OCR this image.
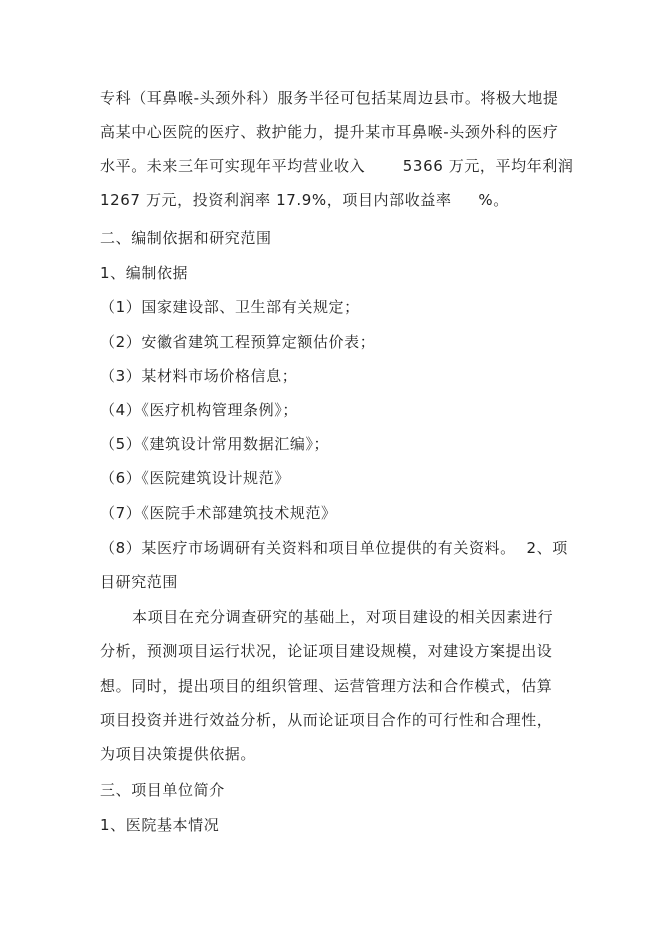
专科（耳鼻喉-头颈外科）服务半径可包括某周边县市。将极大地提
高某中心医院的医疗、救护能力，提升某市耳鼻喉-头颈外科的医疗
水平。未来三年可实现年平均营业收入       5366 万元，平均年利润
1267 万元，投资利润率 17.9%，项目内部收益率     %。
二、编制依据和研究范围
1、编制依据
（1）国家建设部、卫生部有关规定；
（2）安徽省建筑工程预算定额估价表；
（3）某材料市场价格信息；
（4）《医疗机构管理条例》；
（5）《建筑设计常用数据汇编》；
（6）《医院建筑设计规范》
（7）《医院手术部建筑技术规范》
（8）某医疗市场调研有关资料和项目单位提供的有关资料。  2、项
目研究范围
本项目在充分调查研究的基础上，对项目建设的相关因素进行
分析，预测项目运行状况，论证项目建设规模，对建设方案提出设
想。同时，提出项目的组织管理、运营管理方法和合作模式，估算
项目投资并进行效益分析，从而论证项目合作的可行性和合理性，
为项目决策提供依据。
三、项目单位简介
1、医院基本情况
